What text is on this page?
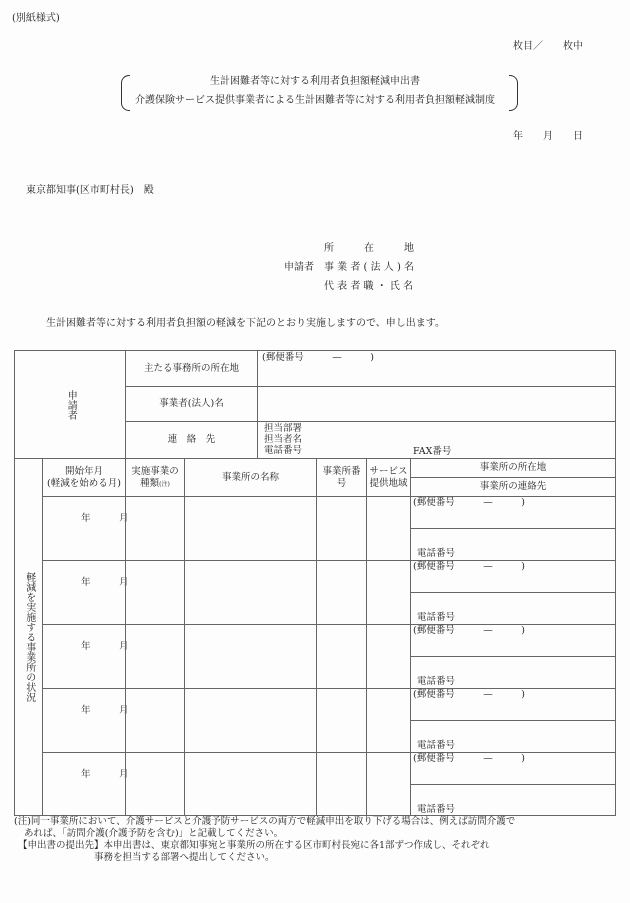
(別紙様式)
枚目／　　枚中
生計困難者等に対する利用者負担額軽減申出書
介護保険サービス提供事業者による生計困難者等に対する利用者負担額軽減制度
年　　月　　日
東京都知事(区市町村長)　殿
所　　　在　　　地
申請者 事 業 者 ( 法 人 ) 名
代 表 者 職 ・ 氏 名
生計困難者等に対する利用者負担額の軽減を下記のとおり実施しますので、申し出ます。
申請者
主たる事務所の所在地
(郵便番号　　　—　　　)
事業者(法人)名
連　絡　先
担当部署
担当者名
電話番号	FAX番号
軽減を実施する事業所の状況
開始年月
(軽減を始める月)
実施事業の
種類(注)
事業所の名称
事業所番号
サービス提供地域
事業所の所在地
事業所の連絡先
年　　　月
(郵便番号　　　—　　　)
電話番号
年　　　月
(郵便番号　　　—　　　)
電話番号
年　　　月
(郵便番号　　　—　　　)
電話番号
年　　　月
(郵便番号　　　—　　　)
電話番号
年　　　月
(郵便番号　　　—　　　)
電話番号
(注)同一事業所において、介護サービスと介護予防サービスの両方で軽減申出を取り下げる場合は、例えば訪問介護で
あれば、「訪問介護(介護予防を含む)」と記載してください。
【申出書の提出先】本申出書は、東京都知事宛と事業所の所在する区市町村長宛に各1部ずつ作成し、それぞれ
事務を担当する部署へ提出してください。
